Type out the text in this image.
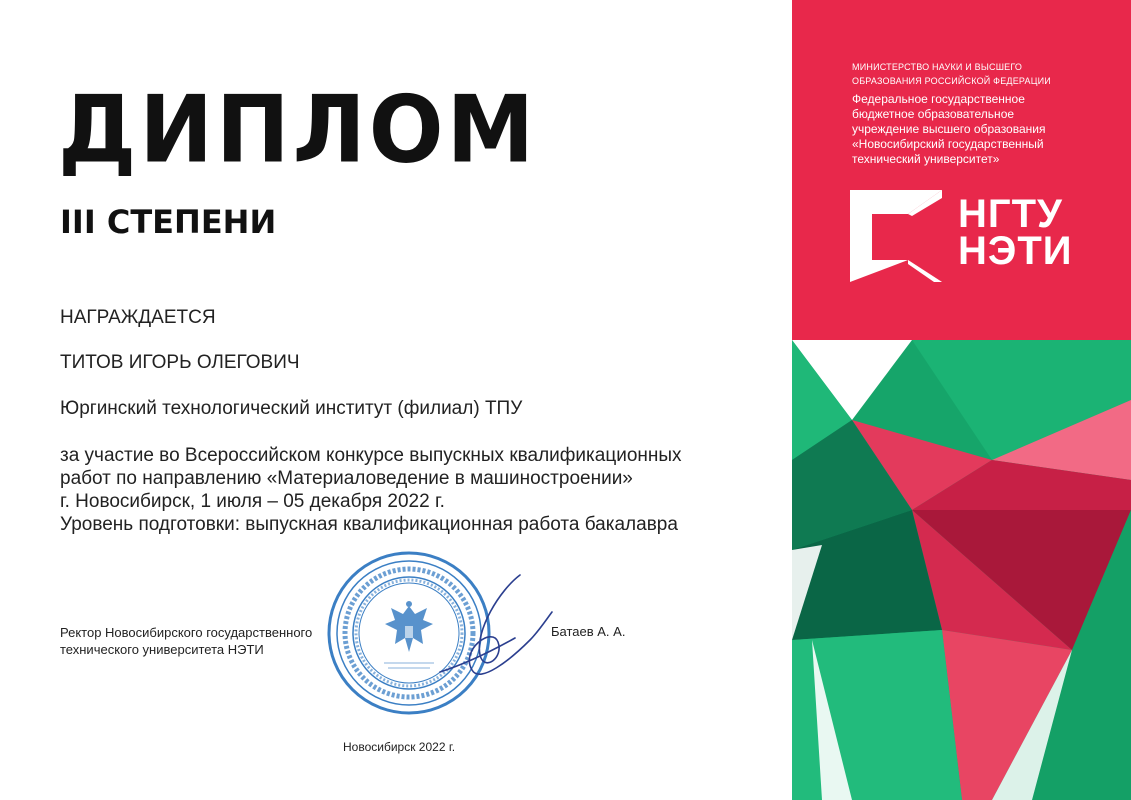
ДИПЛОМ
III СТЕПЕНИ
НАГРАЖДАЕТСЯ
ТИТОВ ИГОРЬ ОЛЕГОВИЧ
Юргинский технологический институт (филиал) ТПУ
за участие во Всероссийском конкурсе выпускных квалификационных
работ по направлению «Материаловедение в машиностроении»
г. Новосибирск, 1 июля – 05 декабря 2022 г.
Уровень подготовки: выпускная квалификационная работа бакалавра
Ректор Новосибирского государственного
технического университета НЭТИ
Батаев А. А.
Новосибирск 2022 г.
МИНИСТЕРСТВО НАУКИ И ВЫСШЕГО
ОБРАЗОВАНИЯ РОССИЙСКОЙ ФЕДЕРАЦИИ
Федеральное государственное
бюджетное образовательное
учреждение высшего образования
«Новосибирский государственный
технический университет»
НГТУ
НЭТИ
